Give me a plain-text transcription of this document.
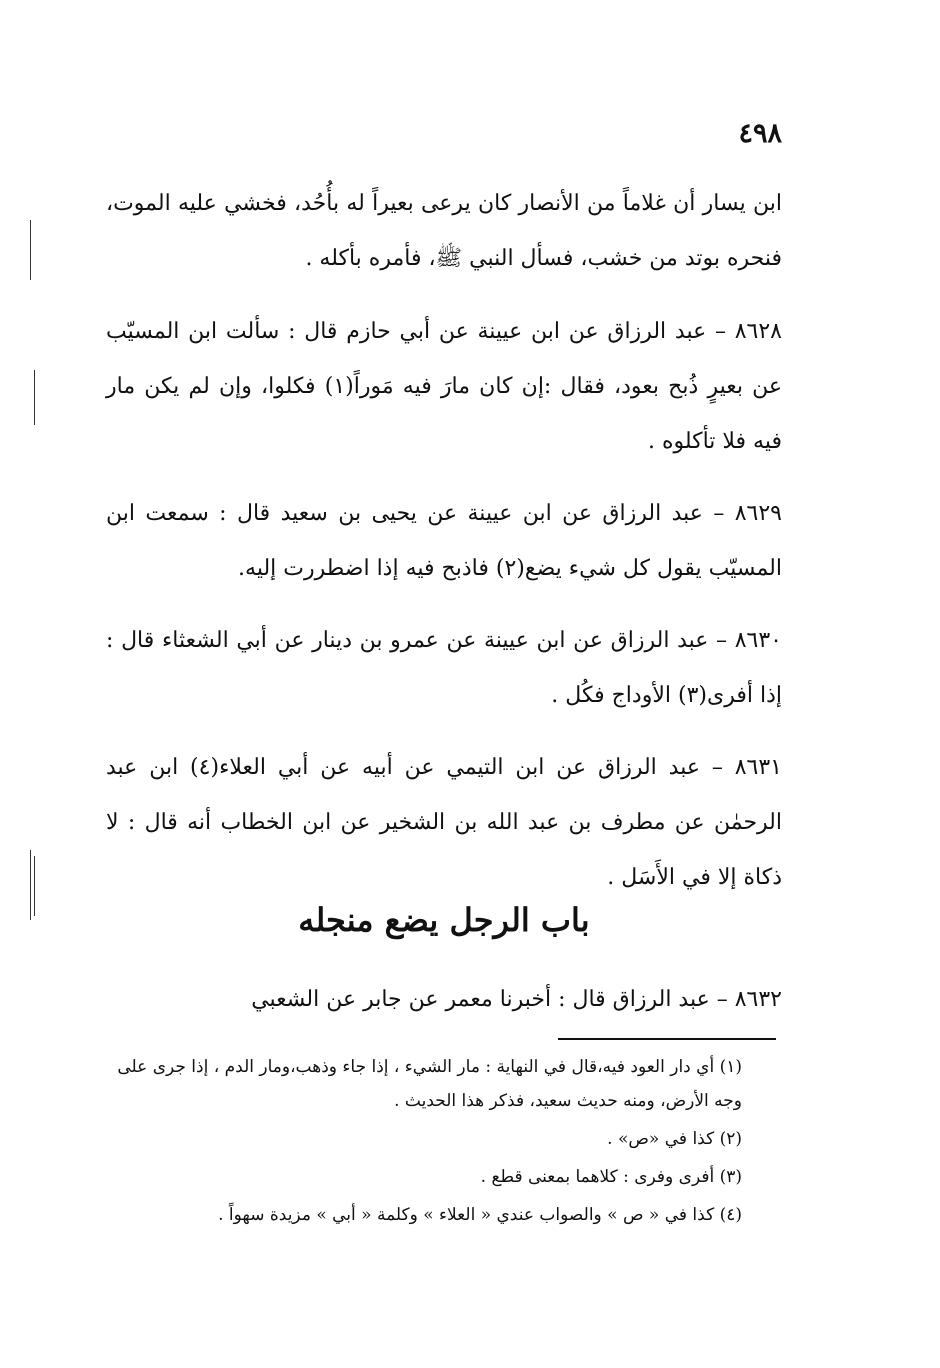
٤٩٨

ابن يسار أن غلاماً من الأنصار كان يرعى بعيراً له بأُحُد، فخشي عليه الموت، فنحره بوتد من خشب، فسأل النبي ﷺ، فأمره بأكله .

٨٦٢٨ – عبد الرزاق عن ابن عيينة عن أبي حازم قال : سألت ابن المسيّب عن بعيرٍ ذُبح بعود، فقال :إن كان مارَ فيه مَوراً(١) فكلوا، وإن لم يكن مار فيه فلا تأكلوه .

٨٦٢٩ – عبد الرزاق عن ابن عيينة عن يحيى بن سعيد قال : سمعت ابن المسيّب يقول كل شيء يضع(٢) فاذبح فيه إذا اضطررت إليه.

٨٦٣٠ – عبد الرزاق عن ابن عيينة عن عمرو بن دينار عن أبي الشعثاء قال : إذا أفرى(٣) الأوداج فكُل .

٨٦٣١ – عبد الرزاق عن ابن التيمي عن أبيه عن أبي العلاء(٤) ابن عبد الرحمٰن عن مطرف بن عبد الله بن الشخير عن ابن الخطاب أنه قال : لا ذكاة إلا في الأَسَل .

باب الرجل يضع منجله
٨٦٣٢ – عبد الرزاق قال : أخبرنا معمر عن جابر عن الشعبي

(١) أي دار العود فيه،قال في النهاية : مار الشيء ، إذا جاء وذهب،ومار الدم ، إذا جرى على وجه الأرض، ومنه حديث سعيد، فذكر هذا الحديث .

(٢) كذا في «ص» .

(٣) أفرى وفرى : كلاهما بمعنى قطع .

(٤) كذا في « ص » والصواب عندي « العلاء » وكلمة « أبي » مزيدة سهواً .
